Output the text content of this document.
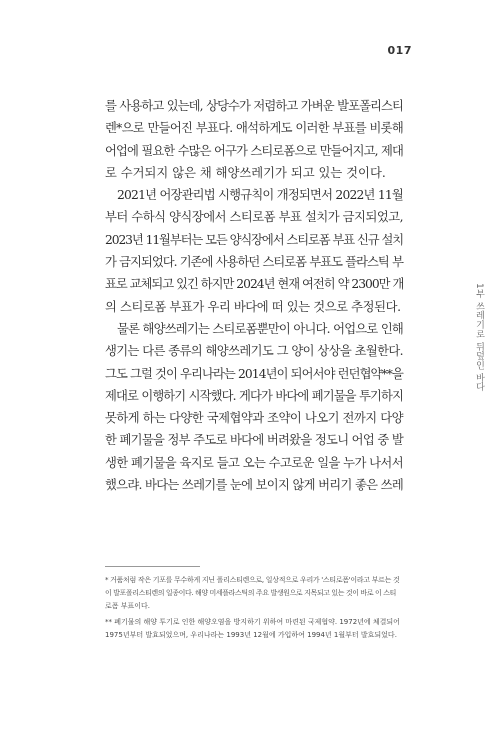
017
1부 쓰레기로 뒤덮인 바다

를 사용하고 있는데, 상당수가 저렴하고 가벼운 발포폴리스티
렌*으로 만들어진 부표다. 애석하게도 이러한 부표를 비롯해
어업에 필요한 수많은 어구가 스티로폼으로 만들어지고, 제대
로 수거되지 않은 채 해양쓰레기가 되고 있는 것이다.

2021년 어장관리법 시행규칙이 개정되면서 2022년 11월
부터 수하식 양식장에서 스티로폼 부표 설치가 금지되었고,
2023년 11월부터는 모든 양식장에서 스티로폼 부표 신규 설치
가 금지되었다. 기존에 사용하던 스티로폼 부표도 플라스틱 부
표로 교체되고 있긴 하지만 2024년 현재 여전히 약 2300만 개
의 스티로폼 부표가 우리 바다에 떠 있는 것으로 추정된다.

물론 해양쓰레기는 스티로폼뿐만이 아니다. 어업으로 인해
생기는 다른 종류의 해양쓰레기도 그 양이 상상을 초월한다.
그도 그럴 것이 우리나라는 2014년이 되어서야 런던협약**을
제대로 이행하기 시작했다. 게다가 바다에 폐기물을 투기하지
못하게 하는 다양한 국제협약과 조약이 나오기 전까지 다양
한 폐기물을 정부 주도로 바다에 버려왔을 정도니 어업 중 발
생한 폐기물을 육지로 들고 오는 수고로운 일을 누가 나서서
했으랴. 바다는 쓰레기를 눈에 보이지 않게 버리기 좋은 쓰레

* 거품처럼 작은 기포를 무수하게 지닌 폴리스티렌으로, 일상적으로 우리가 '스티로폼'이라고 부르는 것
이 발포폴리스티렌의 일종이다. 해양 미세플라스틱의 주요 발생원으로 지목되고 있는 것이 바로 이 스티
로폼 부표이다.

** 폐기물의 해양 투기로 인한 해양오염을 방지하기 위하여 마련된 국제협약. 1972년에 체결되어
1975년부터 발효되었으며, 우리나라는 1993년 12월에 가입하여 1994년 1월부터 발효되었다.
